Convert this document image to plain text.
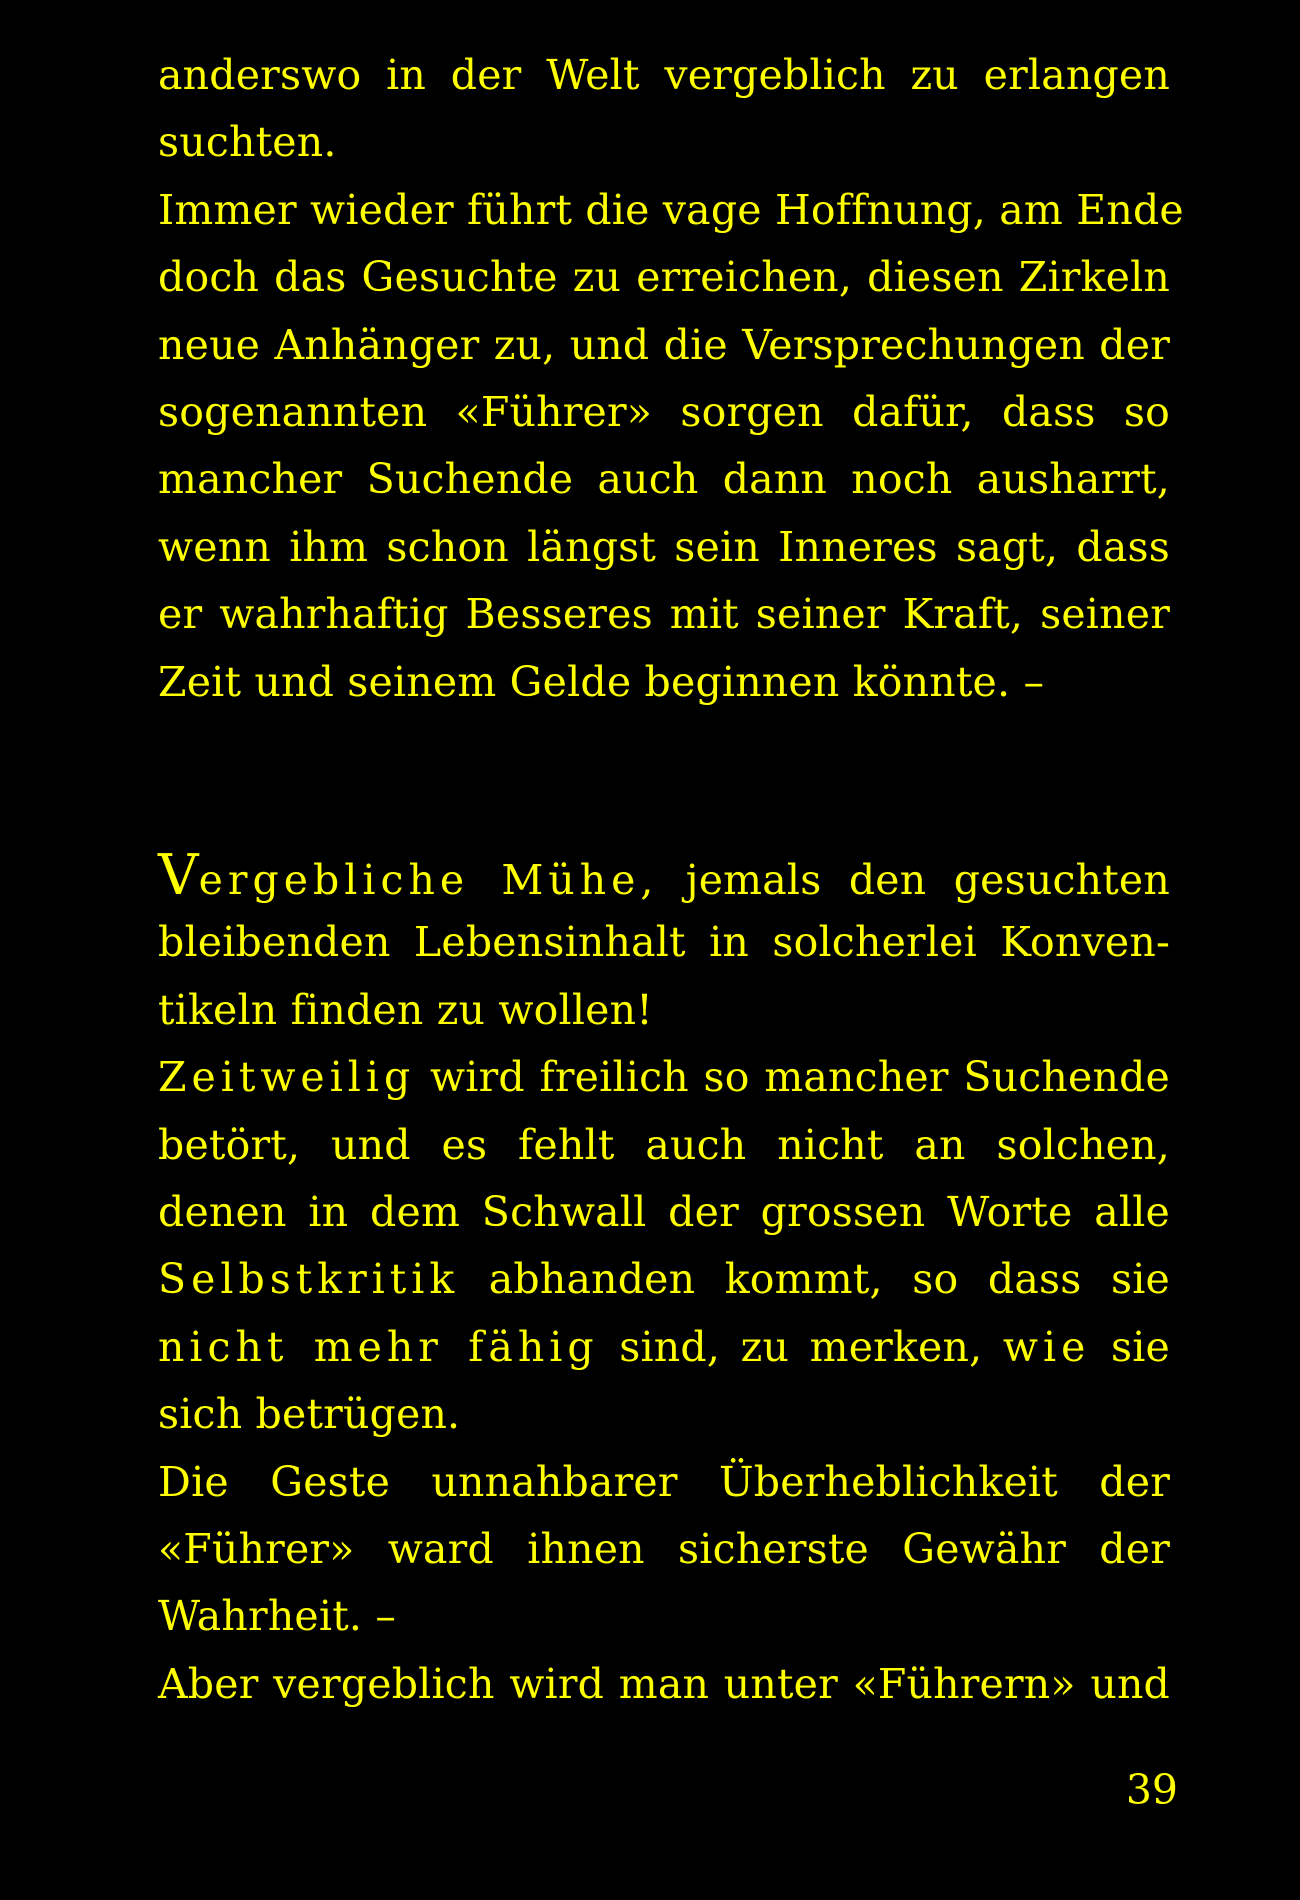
anderswo in der Welt vergeblich zu erlangen
suchten.
Immer wieder führt die vage Hoffnung, am Ende
doch das Gesuchte zu erreichen, diesen Zirkeln
neue Anhänger zu, und die Versprechungen der
sogenannten «Führer» sorgen dafür, dass so
mancher Suchende auch dann noch ausharrt,
wenn ihm schon längst sein Inneres sagt, dass
er wahrhaftig Besseres mit seiner Kraft, seiner
Zeit und seinem Gelde beginnen könnte. –
Vergebliche Mühe, jemals den gesuchten
bleibenden Lebensinhalt in solcherlei Konven-
tikeln finden zu wollen!
Zeitweilig wird freilich so mancher Suchende
betört, und es fehlt auch nicht an solchen,
denen in dem Schwall der grossen Worte alle
Selbstkritik abhanden kommt, so dass sie
nicht mehr fähig sind, zu merken, wie sie
sich betrügen.
Die Geste unnahbarer Überheblichkeit der
«Führer» ward ihnen sicherste Gewähr der
Wahrheit. –
Aber vergeblich wird man unter «Führern» und
39
